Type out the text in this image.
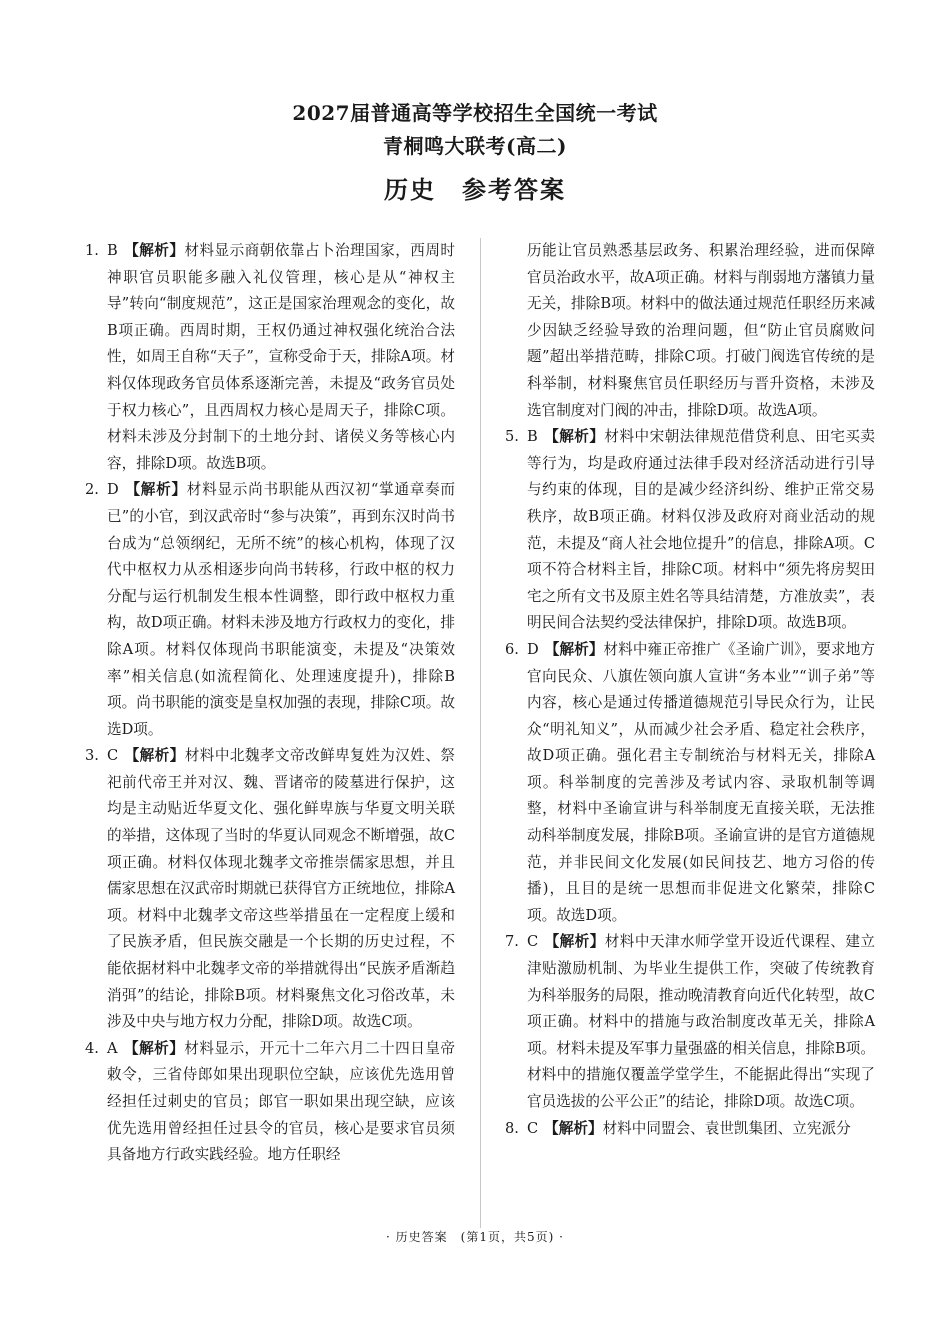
2027届普通高等学校招生全国统一考试
青桐鸣大联考(高二)
历史 参考答案

1. B 【解析】材料显示商朝依靠占卜治理国家，西周时神职官员职能多融入礼仪管理，核心是从“神权主导”转向“制度规范”，这正是国家治理观念的变化，故B项正确。西周时期，王权仍通过神权强化统治合法性，如周王自称“天子”，宣称受命于天，排除A项。材料仅体现政务官员体系逐渐完善，未提及“政务官员处于权力核心”，且西周权力核心是周天子，排除C项。材料未涉及分封制下的土地分封、诸侯义务等核心内容，排除D项。故选B项。

2. D 【解析】材料显示尚书职能从西汉初“掌通章奏而已”的小官，到汉武帝时“参与决策”，再到东汉时尚书台成为“总领纲纪，无所不统”的核心机构，体现了汉代中枢权力从丞相逐步向尚书转移，行政中枢的权力分配与运行机制发生根本性调整，即行政中枢权力重构，故D项正确。材料未涉及地方行政权力的变化，排除A项。材料仅体现尚书职能演变，未提及“决策效率”相关信息(如流程简化、处理速度提升)，排除B项。尚书职能的演变是皇权加强的表现，排除C项。故选D项。

3. C 【解析】材料中北魏孝文帝改鲜卑复姓为汉姓、祭祀前代帝王并对汉、魏、晋诸帝的陵墓进行保护，这均是主动贴近华夏文化、强化鲜卑族与华夏文明关联的举措，这体现了当时的华夏认同观念不断增强，故C项正确。材料仅体现北魏孝文帝推崇儒家思想，并且儒家思想在汉武帝时期就已获得官方正统地位，排除A项。材料中北魏孝文帝这些举措虽在一定程度上缓和了民族矛盾，但民族交融是一个长期的历史过程，不能依据材料中北魏孝文帝的举措就得出“民族矛盾渐趋消弭”的结论，排除B项。材料聚焦文化习俗改革，未涉及中央与地方权力分配，排除D项。故选C项。

4. A 【解析】材料显示，开元十二年六月二十四日皇帝敕令，三省侍郎如果出现职位空缺，应该优先选用曾经担任过刺史的官员；郎官一职如果出现空缺，应该优先选用曾经担任过县令的官员，核心是要求官员须具备地方行政实践经验。地方任职经

历能让官员熟悉基层政务、积累治理经验，进而保障官员治政水平，故A项正确。材料与削弱地方藩镇力量无关，排除B项。材料中的做法通过规范任职经历来减少因缺乏经验导致的治理问题，但“防止官员腐败问题”超出举措范畴，排除C项。打破门阀选官传统的是科举制，材料聚焦官员任职经历与晋升资格，未涉及选官制度对门阀的冲击，排除D项。故选A项。

5. B 【解析】材料中宋朝法律规范借贷利息、田宅买卖等行为，均是政府通过法律手段对经济活动进行引导与约束的体现，目的是减少经济纠纷、维护正常交易秩序，故B项正确。材料仅涉及政府对商业活动的规范，未提及“商人社会地位提升”的信息，排除A项。C项不符合材料主旨，排除C项。材料中“须先将房契田宅之所有文书及原主姓名等具结清楚，方准放卖”，表明民间合法契约受法律保护，排除D项。故选B项。

6. D 【解析】材料中雍正帝推广《圣谕广训》，要求地方官向民众、八旗佐领向旗人宣讲“务本业”“训子弟”等内容，核心是通过传播道德规范引导民众行为，让民众“明礼知义”，从而减少社会矛盾、稳定社会秩序，故D项正确。强化君主专制统治与材料无关，排除A项。科举制度的完善涉及考试内容、录取机制等调整，材料中圣谕宣讲与科举制度无直接关联，无法推动科举制度发展，排除B项。圣谕宣讲的是官方道德规范，并非民间文化发展(如民间技艺、地方习俗的传播)，且目的是统一思想而非促进文化繁荣，排除C项。故选D项。

7. C 【解析】材料中天津水师学堂开设近代课程、建立津贴激励机制、为毕业生提供工作，突破了传统教育为科举服务的局限，推动晚清教育向近代化转型，故C项正确。材料中的措施与政治制度改革无关，排除A项。材料未提及军事力量强盛的相关信息，排除B项。材料中的措施仅覆盖学堂学生，不能据此得出“实现了官员选拔的公平公正”的结论，排除D项。故选C项。

8. C 【解析】材料中同盟会、袁世凯集团、立宪派分

· 历史答案　(第1页，共5页) ·
